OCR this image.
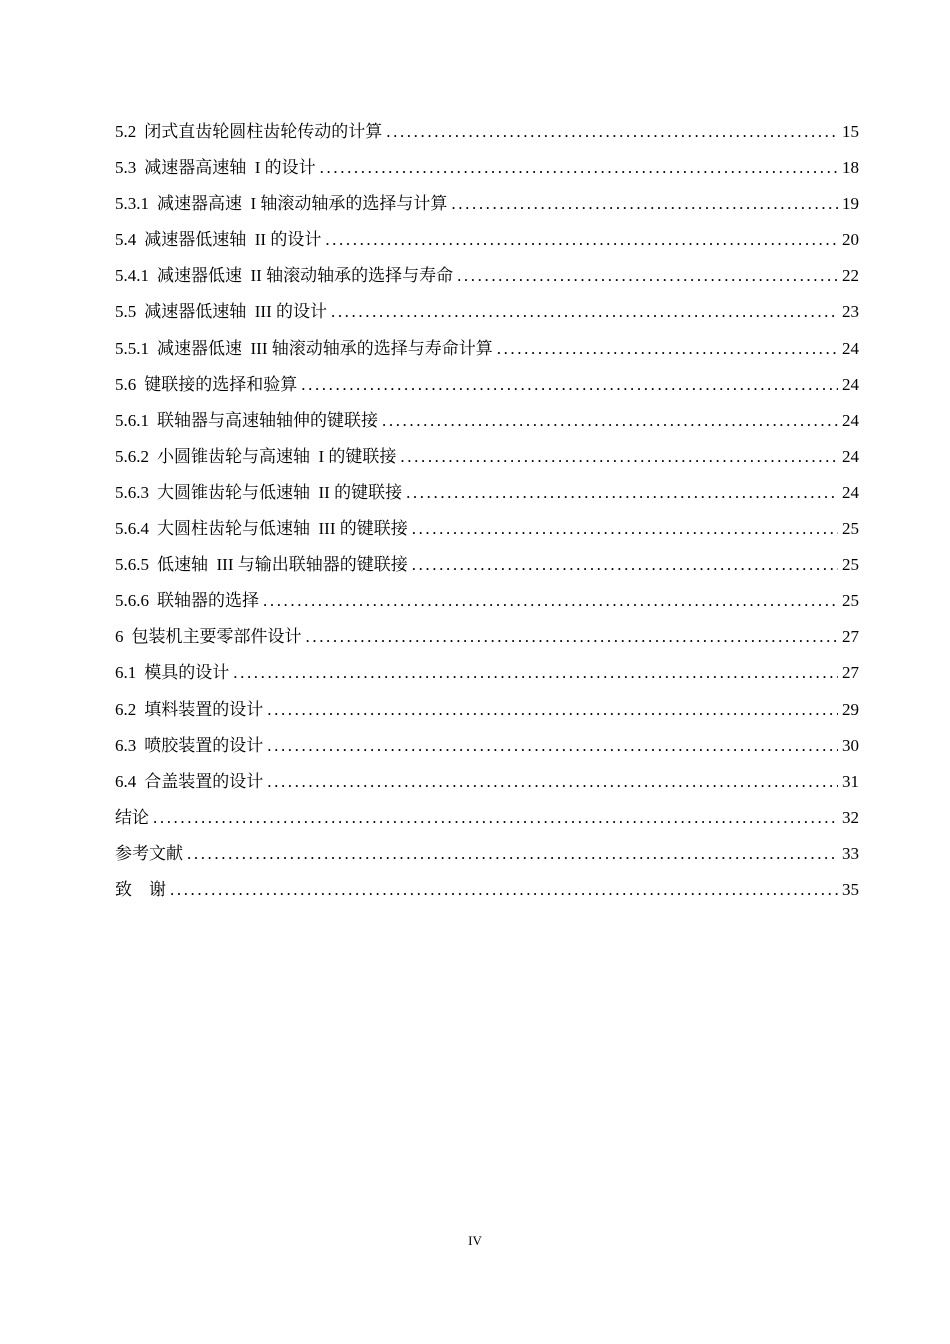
5.2 闭式直齿轮圆柱齿轮传动的计算 .....	15
5.3 减速器高速轴  I 的设计 .....	18
5.3.1 减速器高速  I 轴滚动轴承的选择与计算 .....	19
5.4 减速器低速轴  II 的设计 .....	20
5.4.1 减速器低速  II 轴滚动轴承的选择与寿命 .....	22
5.5 减速器低速轴  III 的设计 .....	23
5.5.1 减速器低速  III 轴滚动轴承的选择与寿命计算 .....	24
5.6 键联接的选择和验算 .....	24
5.6.1 联轴器与高速轴轴伸的键联接 .....	24
5.6.2 小圆锥齿轮与高速轴  I 的键联接 .....	24
5.6.3 大圆锥齿轮与低速轴  II 的键联接 .....	24
5.6.4 大圆柱齿轮与低速轴  III 的键联接 .....	25
5.6.5 低速轴  III 与输出联轴器的键联接 .....	25
5.6.6 联轴器的选择 .....	25
6 包装机主要零部件设计 .....	27
6.1 模具的设计 .....	27
6.2 填料装置的设计 .....	29
6.3 喷胶装置的设计 .....	30
6.4 合盖装置的设计 .....	31
结论 .....	32
参考文献 .....	33
致    谢 .....	35
IV
